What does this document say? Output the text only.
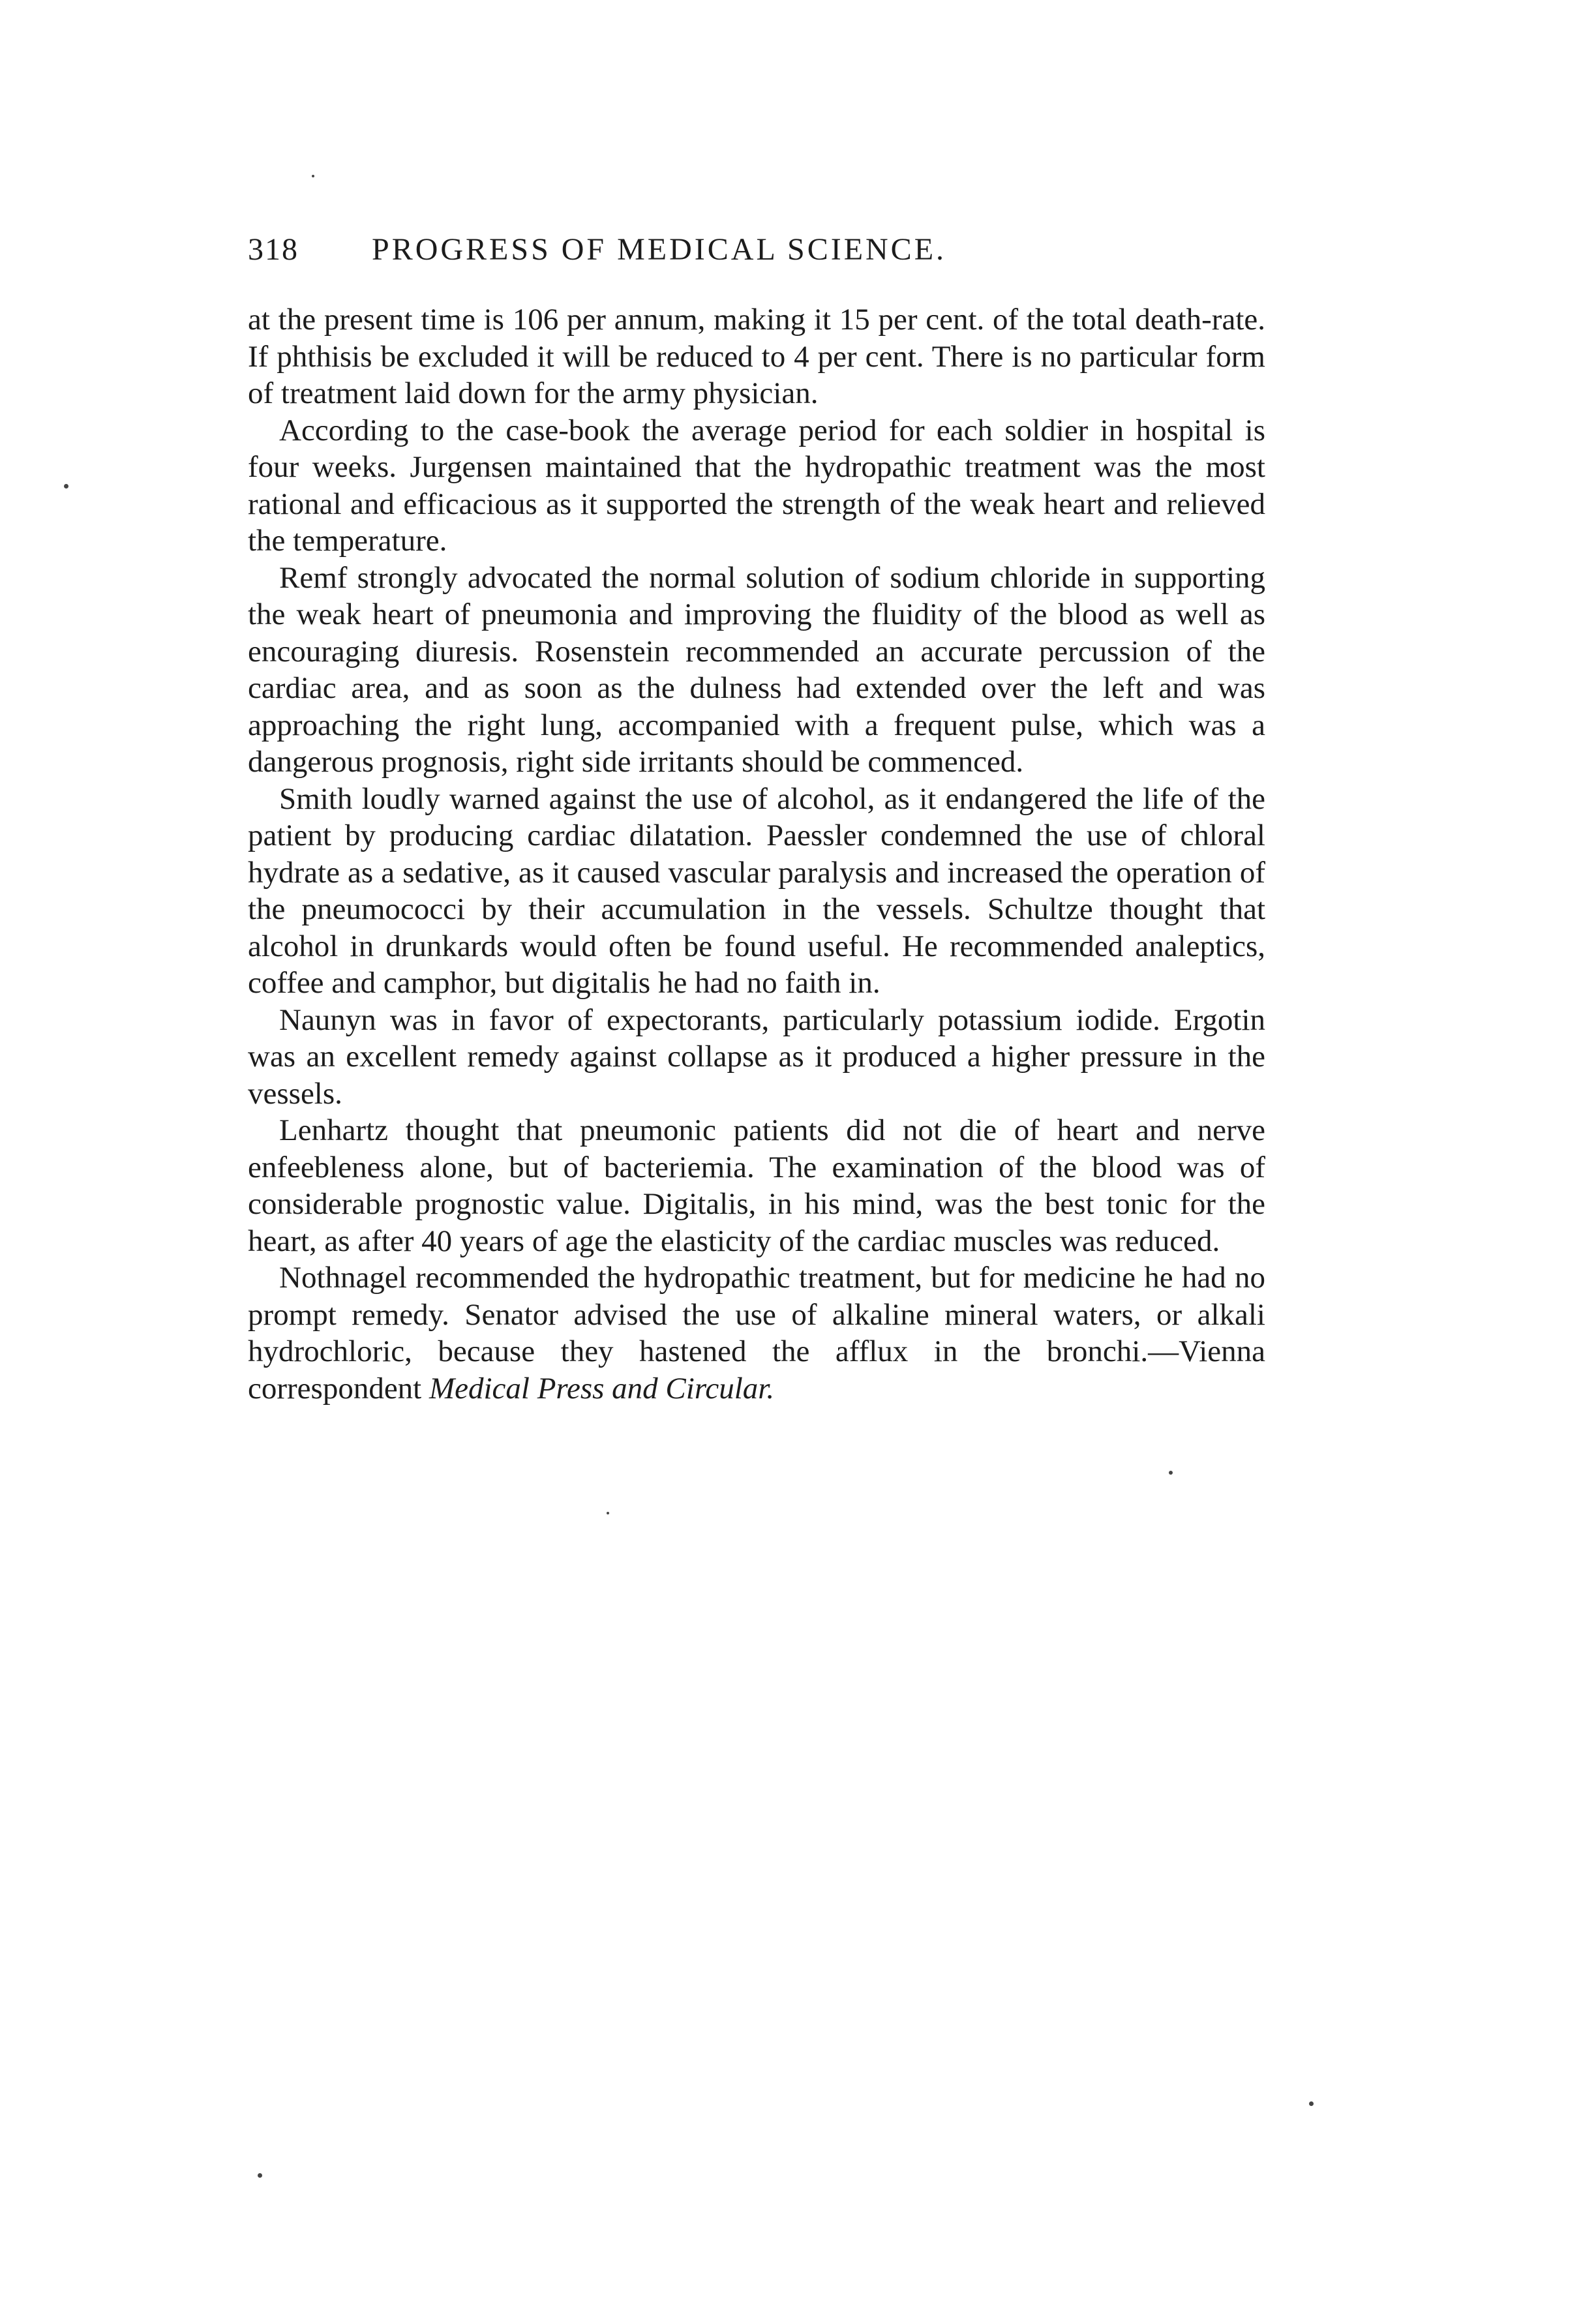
318 PROGRESS OF MEDICAL SCIENCE.

at the present time is 106 per annum, making it 15 per cent. of the total death-rate. If phthisis be excluded it will be reduced to 4 per cent. There is no particular form of treatment laid down for the army physician.

According to the case-book the average period for each soldier in hospital is four weeks. Jurgensen maintained that the hydropathic treatment was the most rational and efficacious as it supported the strength of the weak heart and relieved the temperature.

Remf strongly advocated the normal solution of sodium chloride in supporting the weak heart of pneumonia and improving the fluidity of the blood as well as encouraging diuresis. Rosenstein recommended an accurate percussion of the cardiac area, and as soon as the dulness had extended over the left and was approaching the right lung, accompanied with a frequent pulse, which was a dangerous prognosis, right side irritants should be commenced.

Smith loudly warned against the use of alcohol, as it endangered the life of the patient by producing cardiac dilatation. Paessler condemned the use of chloral hydrate as a sedative, as it caused vascular paralysis and increased the operation of the pneumococci by their accumulation in the vessels. Schultze thought that alcohol in drunkards would often be found useful. He recommended analeptics, coffee and camphor, but digitalis he had no faith in.

Naunyn was in favor of expectorants, particularly potassium iodide. Ergotin was an excellent remedy against collapse as it produced a higher pressure in the vessels.

Lenhartz thought that pneumonic patients did not die of heart and nerve enfeebleness alone, but of bacteriemia. The examination of the blood was of considerable prognostic value. Digitalis, in his mind, was the best tonic for the heart, as after 40 years of age the elasticity of the cardiac muscles was reduced.

Nothnagel recommended the hydropathic treatment, but for medicine he had no prompt remedy. Senator advised the use of alkaline mineral waters, or alkali hydrochloric, because they hastened the afflux in the bronchi.—Vienna correspondent Medical Press and Circular.
